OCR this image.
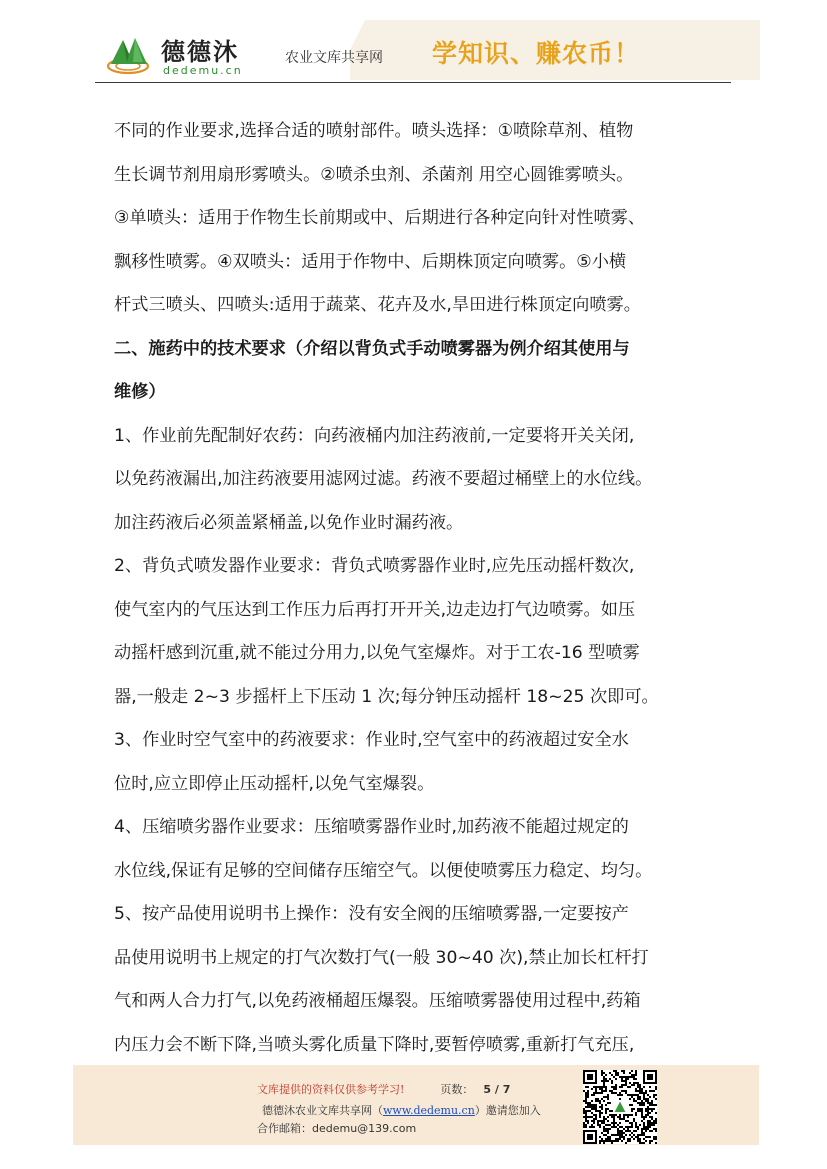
德德沐
dedemu.cn
农业文库共享网 学知识、赚农币！

不同的作业要求,选择合适的喷射部件。喷头选择：①喷除草剂、植物

生长调节剂用扇形雾喷头。②喷杀虫剂、杀菌剂 用空心圆锥雾喷头。

③单喷头：适用于作物生长前期或中、后期进行各种定向针对性喷雾、

飘移性喷雾。④双喷头：适用于作物中、后期株顶定向喷雾。⑤小横

杆式三喷头、四喷头:适用于蔬菜、花卉及水,旱田进行株顶定向喷雾。

二、施药中的技术要求（介绍以背负式手动喷雾器为例介绍其使用与

维修）

1、作业前先配制好农药：向药液桶内加注药液前,一定要将开关关闭,

以免药液漏出,加注药液要用滤网过滤。药液不要超过桶壁上的水位线。

加注药液后必须盖紧桶盖,以免作业时漏药液。

2、背负式喷发器作业要求：背负式喷雾器作业时,应先压动摇杆数次,

使气室内的气压达到工作压力后再打开开关,边走边打气边喷雾。如压

动摇杆感到沉重,就不能过分用力,以免气室爆炸。对于工农-16 型喷雾

器,一般走 2~3 步摇杆上下压动 1 次;每分钟压动摇杆 18~25 次即可。

3、作业时空气室中的药液要求：作业时,空气室中的药液超过安全水

位时,应立即停止压动摇杆,以免气室爆裂。

4、压缩喷劣器作业要求：压缩喷雾器作业时,加药液不能超过规定的

水位线,保证有足够的空间储存压缩空气。以便使喷雾压力稳定、均匀。

5、按产品使用说明书上操作：没有安全阀的压缩喷雾器,一定要按产

品使用说明书上规定的打气次数打气(一般 30~40 次),禁止加长杠杆打

气和两人合力打气,以免药液桶超压爆裂。压缩喷雾器使用过程中,药箱

内压力会不断下降,当喷头雾化质量下降时,要暂停喷雾,重新打气充压,

文库提供的资料仅供参考学习!	页数： 5 / 7
德德沐农业文库共享网（www.dedemu.cn）邀请您加入
合作邮箱：dedemu@139.com
